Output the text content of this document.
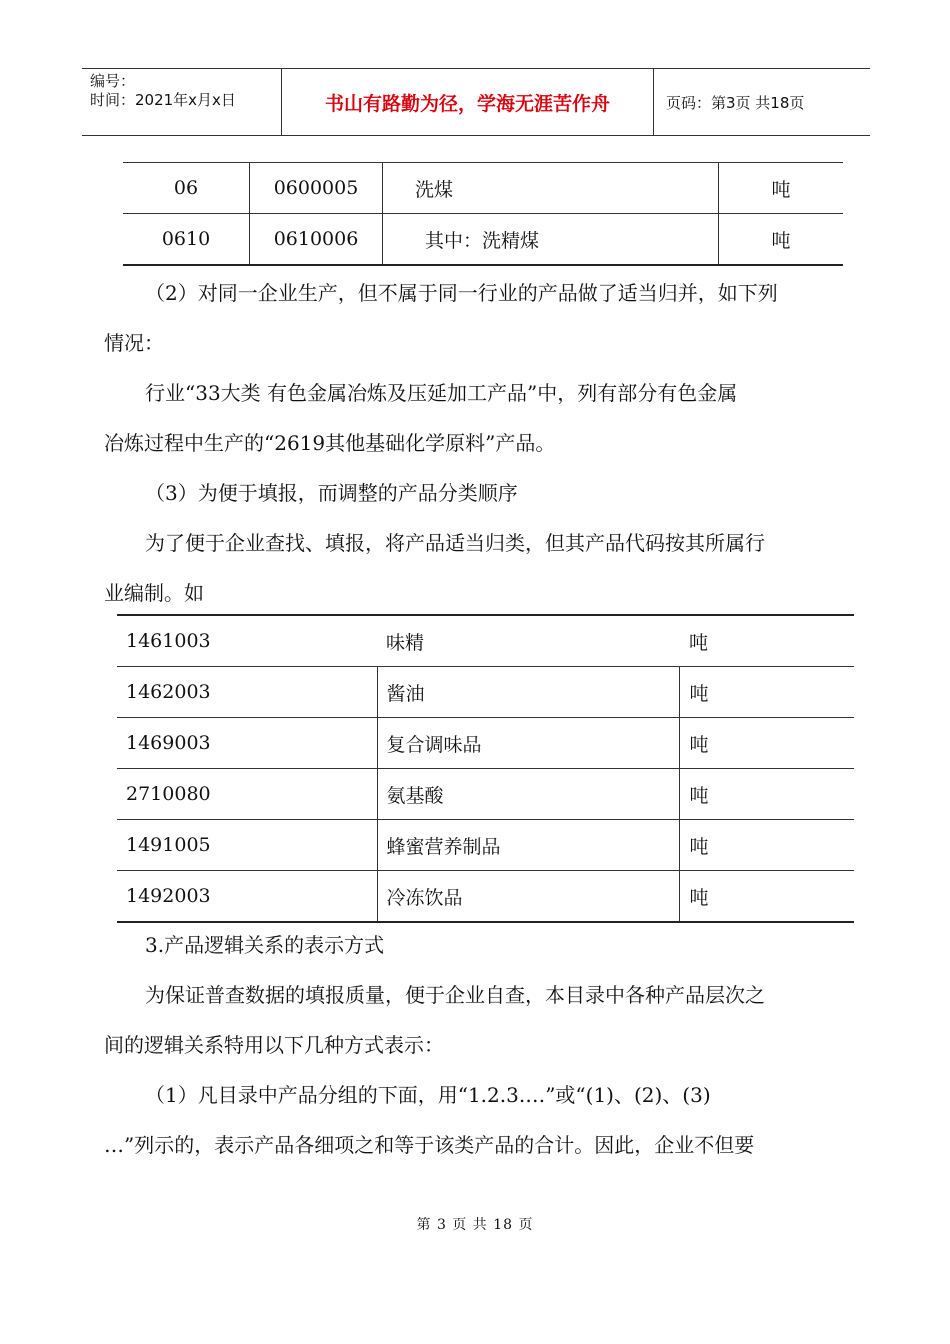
编号：
时间：2021年x月x日	书山有路勤为径，学海无涯苦作舟	页码：第3页 共18页
06	0600005	洗煤	吨
0610	0610006	其中：洗精煤	吨

（2）对同一企业生产，但不属于同一行业的产品做了适当归并，如下列

情况：

行业“33大类 有色金属冶炼及压延加工产品”中，列有部分有色金属

冶炼过程中生产的“2619其他基础化学原料”产品。

（3）为便于填报，而调整的产品分类顺序

为了便于企业查找、填报，将产品适当归类，但其产品代码按其所属行

业编制。如

1461003	味精	吨
1462003	酱油	吨
1469003	复合调味品	吨
2710080	氨基酸	吨
1491005	蜂蜜营养制品	吨
1492003	冷冻饮品	吨

3.产品逻辑关系的表示方式

为保证普查数据的填报质量，便于企业自查，本目录中各种产品层次之

间的逻辑关系特用以下几种方式表示：

（1）凡目录中产品分组的下面，用“1.2.3.…”或“(1)、(2)、(3)

…”列示的，表示产品各细项之和等于该类产品的合计。因此，企业不但要

第 3 页 共 18 页
